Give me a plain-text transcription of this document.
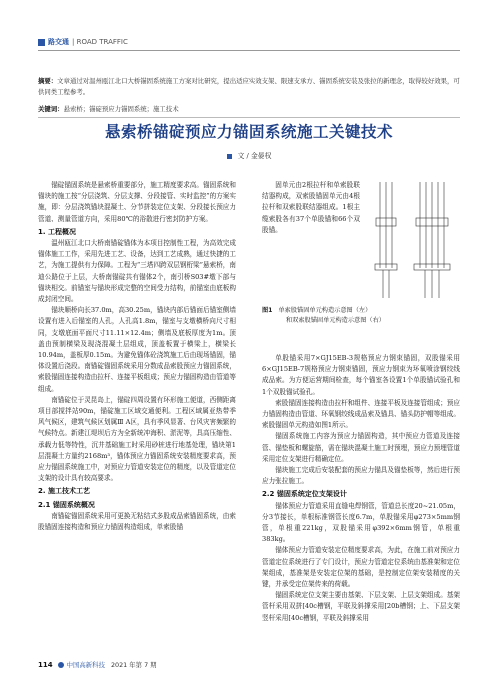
路交通 | ROAD TRAFFIC
摘要：文章通过对温州瓯江北口大桥锚固系统施工方案对比研究，提出适应实效支架、限速支承方、锚固系统安装及张拉的新理念，取得较好效果，可供同类工程参考。
关键词：悬索桥；锚碇预应力锚固系统；施工技术
悬索桥锚碇预应力锚固系统施工关键技术
文 / 金晏权

锚碇锚固系统是悬索桥重要部分，施工精度要求高。锚固系统和锚块的施工按“分层浇筑、分层支撑、分段接管、实时监控”的方案实施，即：分层浇筑锚块混凝土、分节拼装定位支架、分段接长预应力管道、测量管道方向，采用80℃的浴散进行密封防护方案。

1. 工程概况

温州瓯江北口大桥南锚碇锚体为本项目控制性工程，为高效完成锚体施工工作，采用先进工艺、设备，达到工艺成熟，通过快捷的工艺，为施工提供有力保障。工程为“三塔四跨双层钢桁梁”悬索桥，南迪公路位于上层，大桥南锚碇共有锚体2个，南引桥S03#墩下部与锚块相交。前锚室与锚块形成完整的空间受力结构，前锚室由底板构成封闭空间。

锚块顺桥向长37.0m，高30.25m，锚块内部后锚面后锚室侧墙设置有进入后锚室的人孔，人孔高1.8m，锚室与支墩横桥向尺寸相同，支墩底面平面尺寸11.11×12.4m；侧墙及底板厚度为1m。顶盖由预制横梁及现浇混凝土层组成，顶盖板置于横梁上，横梁长10.94m，盖板厚0.15m。为避免锚体砼浇筑施工后由现场锚固，锚体设置后浇段。南锚碇锚固系统采用分数成品索股预应力锚固系统，索股锚固连接构造由拉杆、连接平板组成；预应力锚固构造由管道等组成。

南锚碇位于灵昆岛上，锚碇四周设置有环形施工便道，西侧距离项目部搅拌站90m，锚碇施工区域交通便利。工程区域属亚热带季风气候区，建筑气候区划属Ⅲ A区，具有季风显著、台风灾害频繁的气候特点。新建江堤坝后方为全新统冲海积、淤泥等，具高压缩性、承载力低等特性，沉井基础施工时采用砂桩进行地基处理，锚块第1层混凝土方量约2168m³，锚体预应力锚固系统安装精度要求高，预应力锚固系统施工中，对预应力管道安装定位的精度，以及管道定位支架的设计具有较高要求。

2. 施工技术工艺
2.1 锚固系统概况

南锚碇锚固系统采用可更换无粘结式多股成品索锚固系统，由索股锚固连接构造和预应力锚固构造组成，单索股锚

固单元由2根拉杆和单索股联结器构成，双索股锚固单元由4根拉杆和双索股联结器组成。1根主缆索股各有37个单股锚和66个双股锚。

图1 单索股锚固单元构造示意图（左）
和双索股锚固单元构造示意图（右）

单股锚采用7×GJ15EB-3规格预应力钢束锚固，双股锚采用6×GJ15EB-7规格预应力钢束锚固，预应力钢束为环氧喷涂钢绞线成品索。为方便运营期间检查，每个锚室各设置1个单股锚试验孔和1个双股锚试验孔。

索股锚固连接构造由拉杆和组件、连接平板及连接管组成；预应力锚固构造由管道、环氧钢绞线成品索及锚具、锚头防护帽等组成。索股锚固单元构造如图1所示。

锚固系统施工内容为预应力锚固构造，其中预应力管道及连接管、锚垫板和螺旋筋，需在锚块混凝土施工时预埋，预应力预埋管道采用定位支架进行精确定位。

锚块施工完成后安装配套的预应力锚具及锚垫板等，然后进行预应力张拉施工。

2.2 锚固系统定位支架设计

锚体预应力管道采用直缝电焊钢管，管道总长度20~21.05m，分3节接长，单根标准钢管长度6.7m，单股锚采用φ273×5mm钢管，单根重221kg，双股锚采用φ392×6mm钢管，单根重383kg。

锚体预应力管道安装定位精度要求高，为此，在施工前对预应力管道定位系统进行了专门设计，预应力管道定位系统由基准架和定位架组成，基准架是安装定位架的基础，是控制定位架安装精度的关键，并承受定位架传来的荷载。

锚固系统定位支架主要由基架、下层支架、上层支架组成。基架管杆采用双拼[40c槽钢，平联及斜撑采用[20b槽钢；上、下层支架竖杆采用[40c槽钢，平联及斜撑采用

114 中国高新科技 2021 年第 7 期
